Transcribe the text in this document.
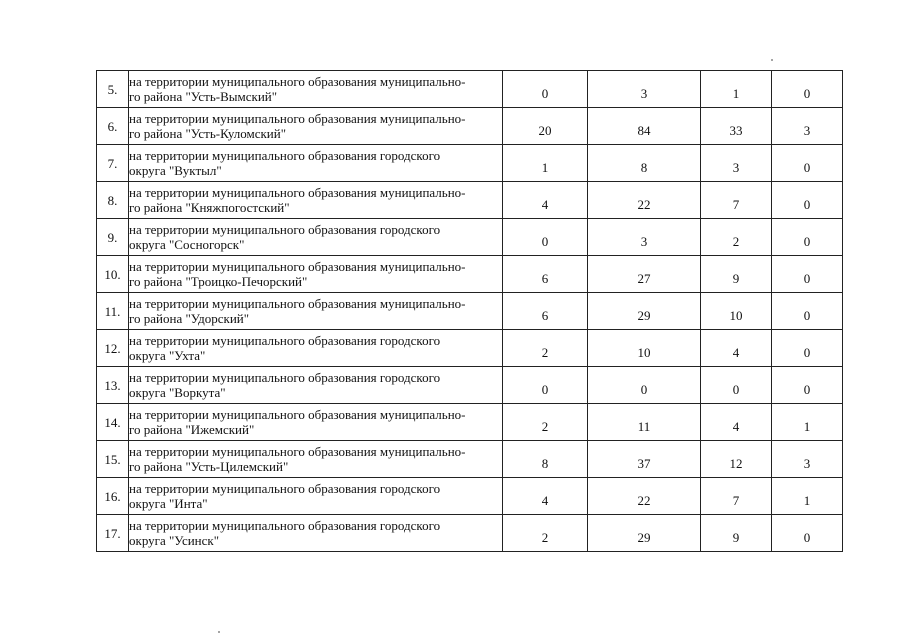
5.	на территории муниципального образования муниципально-
го района "Усть-Вымский"	0	3	1	0
6.	на территории муниципального образования муниципально-
го района "Усть-Куломский"	20	84	33	3
7.	на территории муниципального образования городского
округа "Вуктыл"	1	8	3	0
8.	на территории муниципального образования муниципально-
го района "Княжпогостский"	4	22	7	0
9.	на территории муниципального образования городского
округа "Сосногорск"	0	3	2	0
10.	на территории муниципального образования муниципально-
го района "Троицко-Печорский"	6	27	9	0
11.	на территории муниципального образования муниципально-
го района "Удорский"	6	29	10	0
12.	на территории муниципального образования городского
округа "Ухта"	2	10	4	0
13.	на территории муниципального образования городского
округа "Воркута"	0	0	0	0
14.	на территории муниципального образования муниципально-
го района "Ижемский"	2	11	4	1
15.	на территории муниципального образования муниципально-
го района "Усть-Цилемский"	8	37	12	3
16.	на территории муниципального образования городского
округа "Инта"	4	22	7	1
17.	на территории муниципального образования городского
округа "Усинск"	2	29	9	0
